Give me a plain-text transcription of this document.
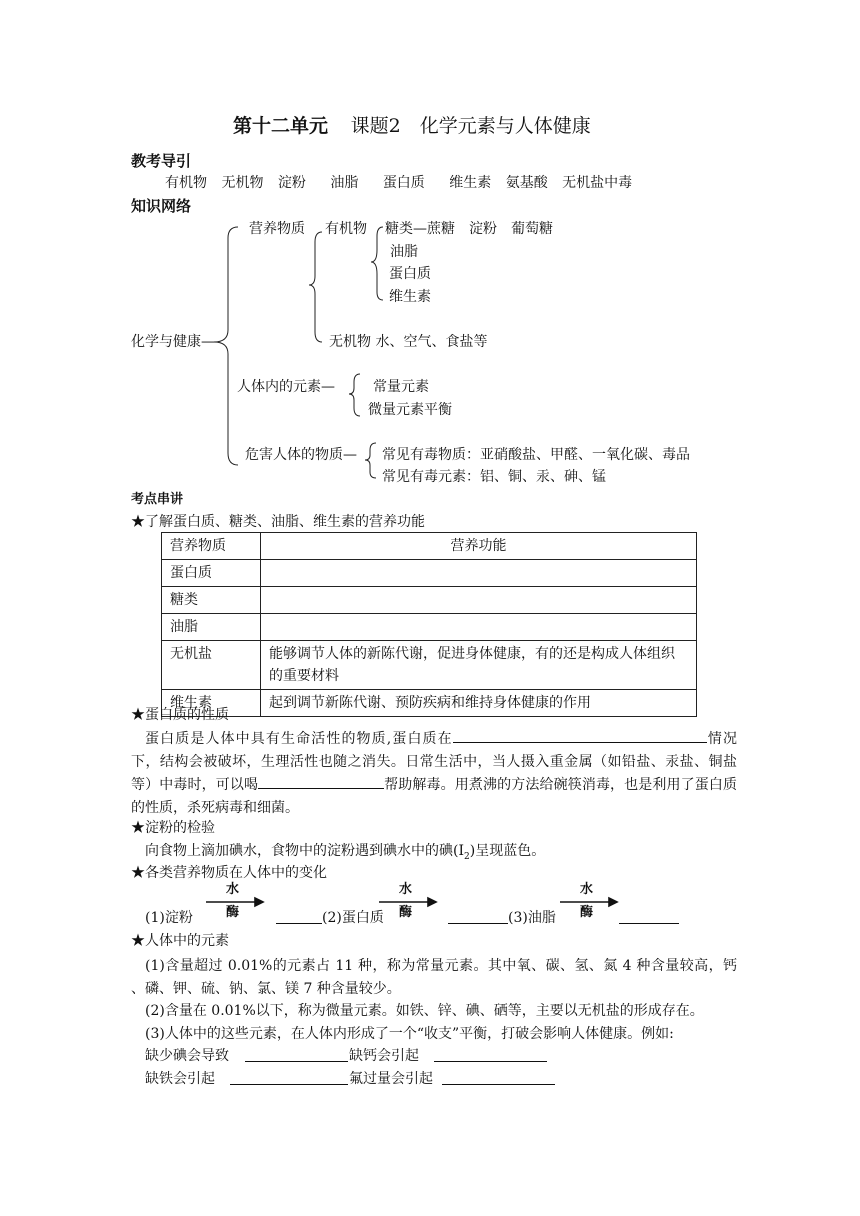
第十二单元 课题2　化学元素与人体健康
教考导引
有机物 无机物 淀粉 油脂 蛋白质 维生素 氨基酸 无机盐中毒
知识网络
化学与健康—
营养物质 有机物 糖类—蔗糖　淀粉　葡萄糖
油脂
蛋白质
维生素
无机物 水、空气、食盐等
人体内的元素—	常量元素
微量元素平衡
危害人体的物质— 常见有毒物质：亚硝酸盐、甲醛、一氧化碳、毒品
常见有毒元素：铝、铜、汞、砷、锰
考点串讲
★了解蛋白质、糖类、油脂、维生素的营养功能
营养物质	营养功能
蛋白质	
糖类	
油脂	
无机盐	能够调节人体的新陈代谢，促进身体健康，有的还是构成人体组织的重要材料
维生素	起到调节新陈代谢、预防疾病和维持身体健康的作用
★蛋白质的性质
蛋白质是人体中具有生命活性的物质,蛋白质在	情况下，结构会被破坏，生理活性也随之消失。日常生活中，当人摄入重金属（如铅盐、汞盐、铜盐等）中毒时，可以喝	帮助解毒。用煮沸的方法给碗筷消毒，也是利用了蛋白质的性质，杀死病毒和细菌。
★淀粉的检验
向食物上滴加碘水，食物中的淀粉遇到碘水中的碘$(I_2)$呈现蓝色。
★各类营养物质在人体中的变化
水
酶
水
酶
水
酶
(1)淀粉	(2)蛋白质	(3)油脂
★人体中的元素
(1)含量超过 0.01%的元素占 11 种，称为常量元素。其中氧、碳、氢、氮 4 种含量较高，钙 、磷、钾、硫、钠、氯、镁 7 种含量较少。
(2)含量在 0.01%以下，称为微量元素。如铁、锌、碘、硒等，主要以无机盐的形成存在。
(3)人体中的这些元素，在人体内形成了一个“收支”平衡，打破会影响人体健康。例如:
缺少碘会导致	缺钙会引起
缺铁会引起	氟过量会引起
